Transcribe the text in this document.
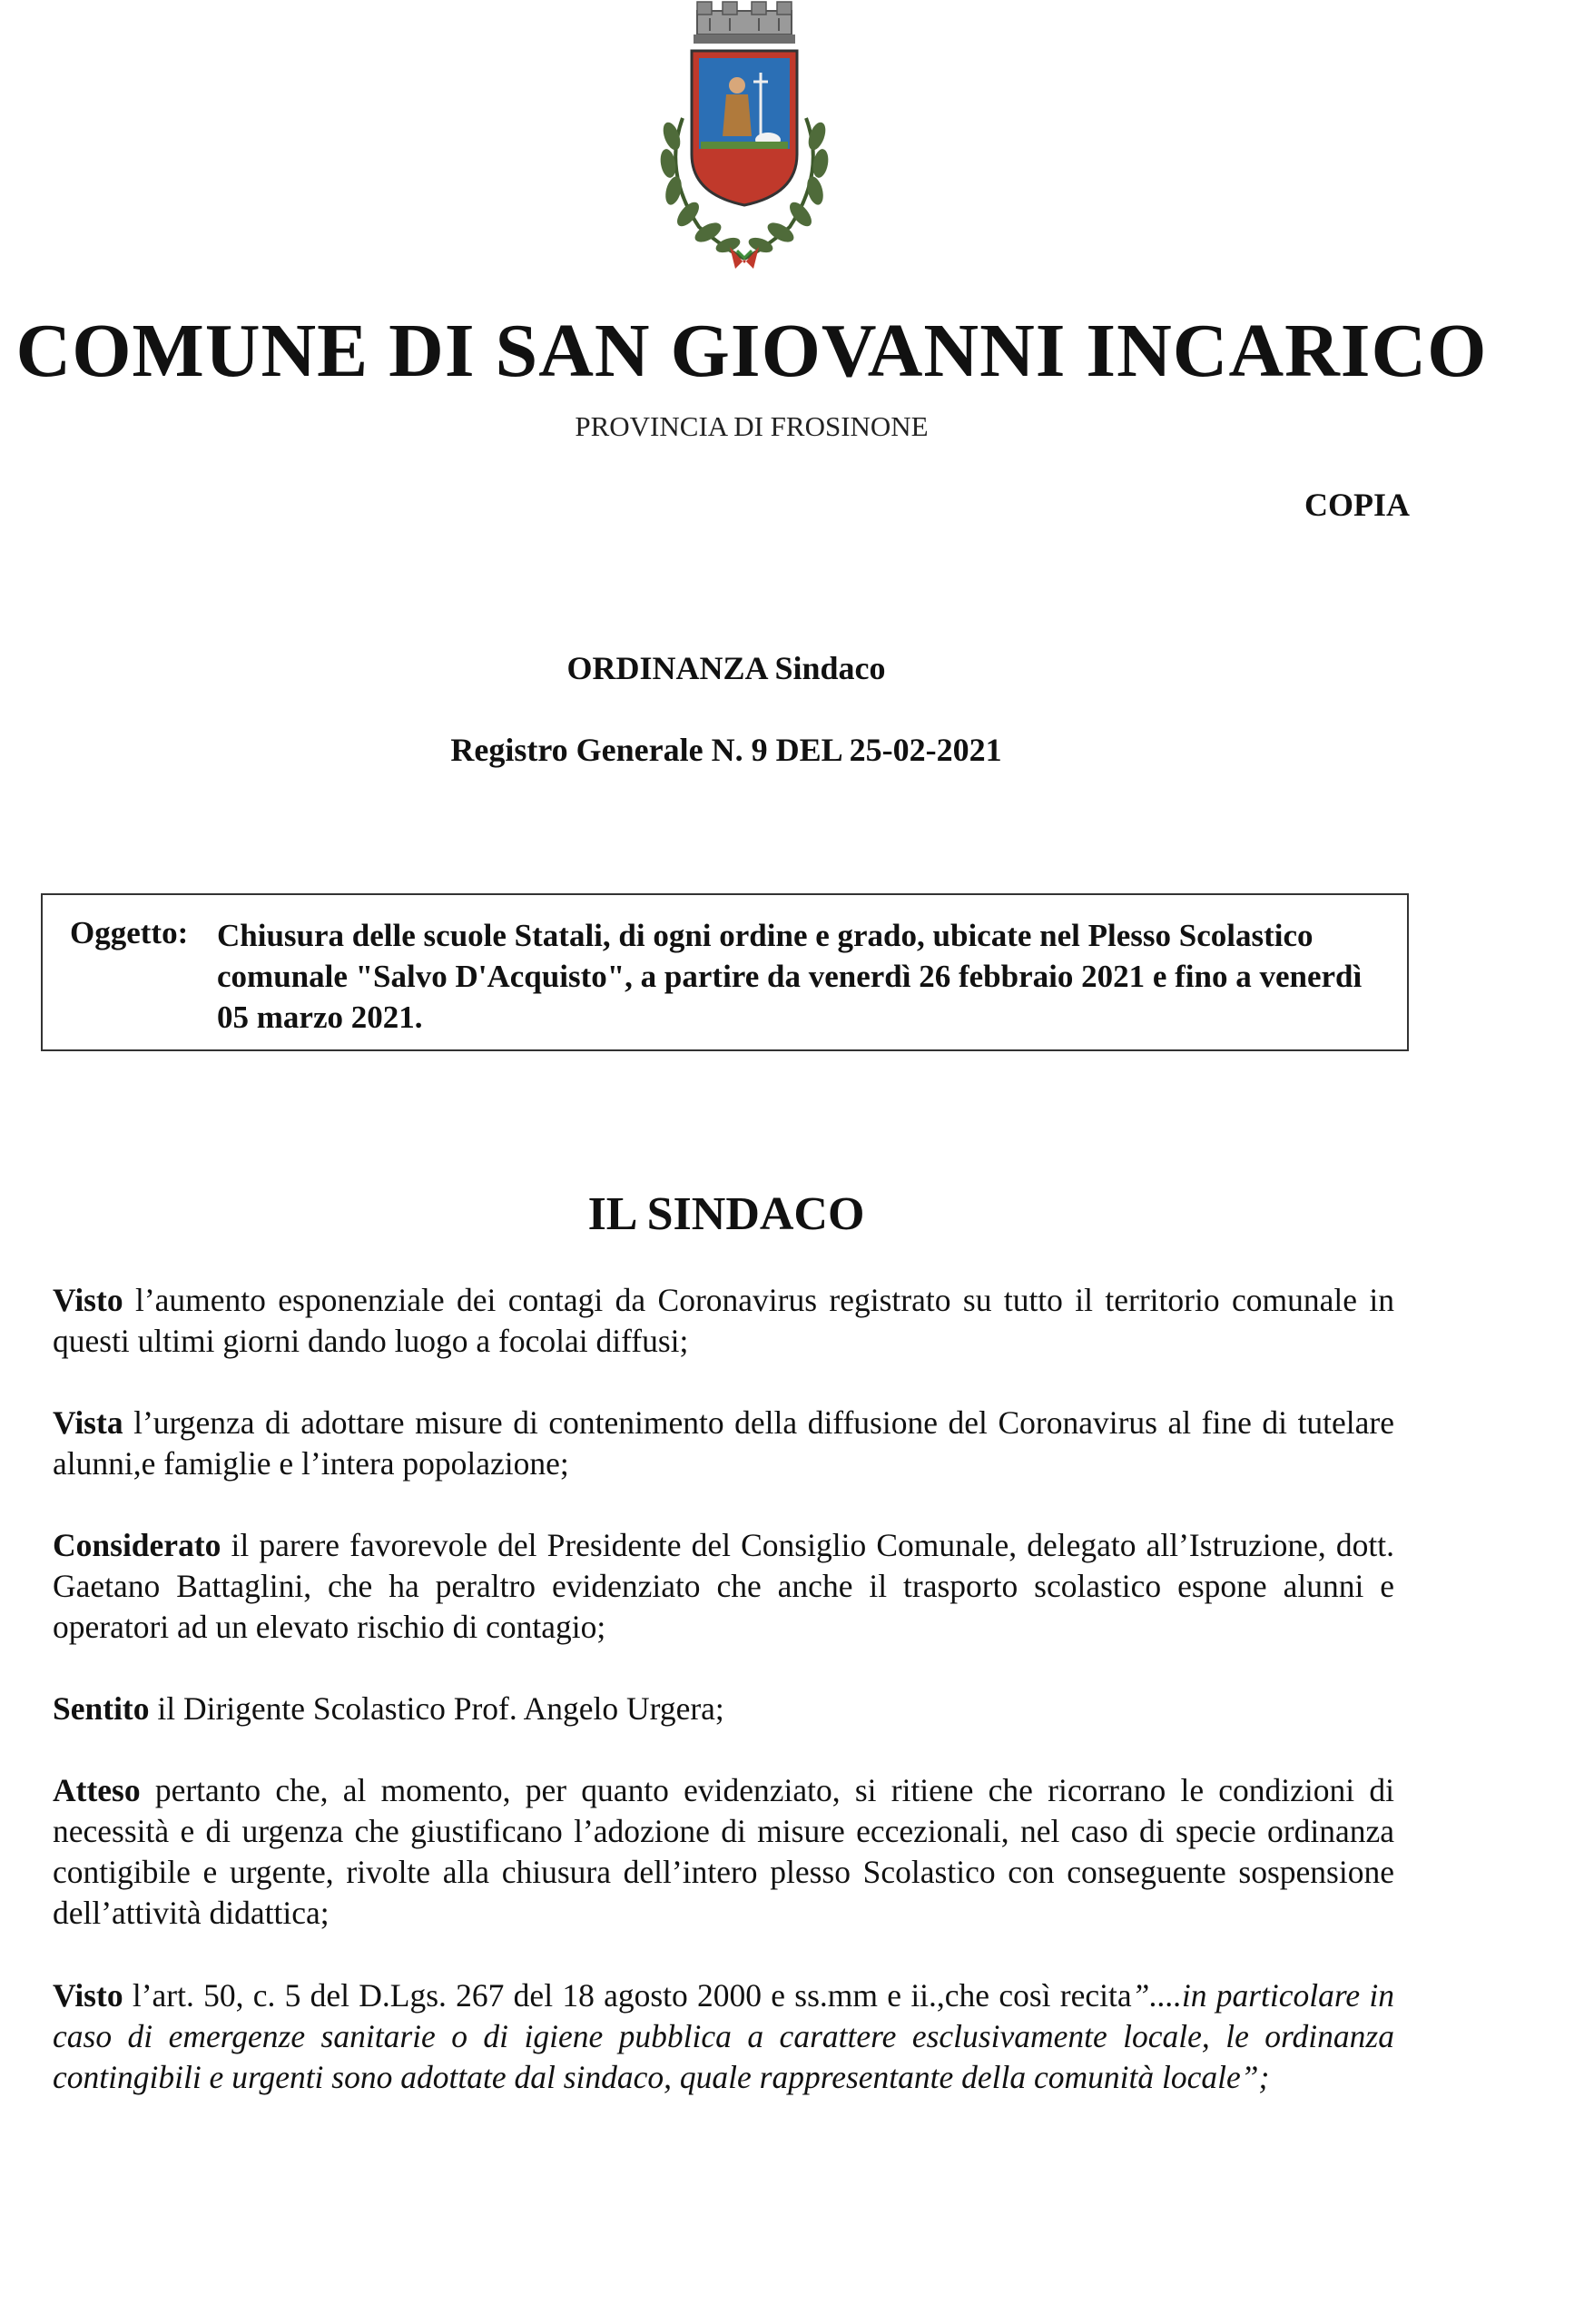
COMUNE DI SAN GIOVANNI INCARICO
PROVINCIA DI FROSINONE
COPIA
ORDINANZA Sindaco
Registro Generale N. 9 DEL 25-02-2021
Oggetto: Chiusura delle scuole Statali, di ogni ordine e grado, ubicate nel Plesso Scolastico comunale "Salvo D'Acquisto", a partire da venerdì 26 febbraio 2021 e fino a venerdì 05 marzo 2021.
IL SINDACO

Visto l’aumento esponenziale dei contagi da Coronavirus registrato su tutto il territorio comunale in questi ultimi giorni dando luogo a focolai diffusi;

Vista l’urgenza di adottare misure di contenimento della diffusione del Coronavirus al fine di tutelare alunni,e famiglie e l’intera popolazione;

Considerato il parere favorevole del Presidente del Consiglio Comunale, delegato all’Istruzione, dott. Gaetano Battaglini, che ha peraltro evidenziato che anche il trasporto scolastico espone alunni e operatori ad un elevato rischio di contagio;

Sentito il Dirigente Scolastico Prof. Angelo Urgera;

Atteso pertanto che, al momento, per quanto evidenziato, si ritiene che ricorrano le condizioni di necessità e di urgenza che giustificano l’adozione di misure eccezionali, nel caso di specie ordinanza contigibile e urgente, rivolte alla chiusura dell’intero plesso Scolastico con conseguente sospensione dell’attività didattica;

Visto l’art. 50, c. 5 del D.Lgs. 267 del 18 agosto 2000 e ss.mm e ii.,che così recita”....in particolare in caso di emergenze sanitarie o di igiene pubblica a carattere esclusivamente locale, le ordinanza contingibili e urgenti sono adottate dal sindaco, quale rappresentante della comunità locale”;
